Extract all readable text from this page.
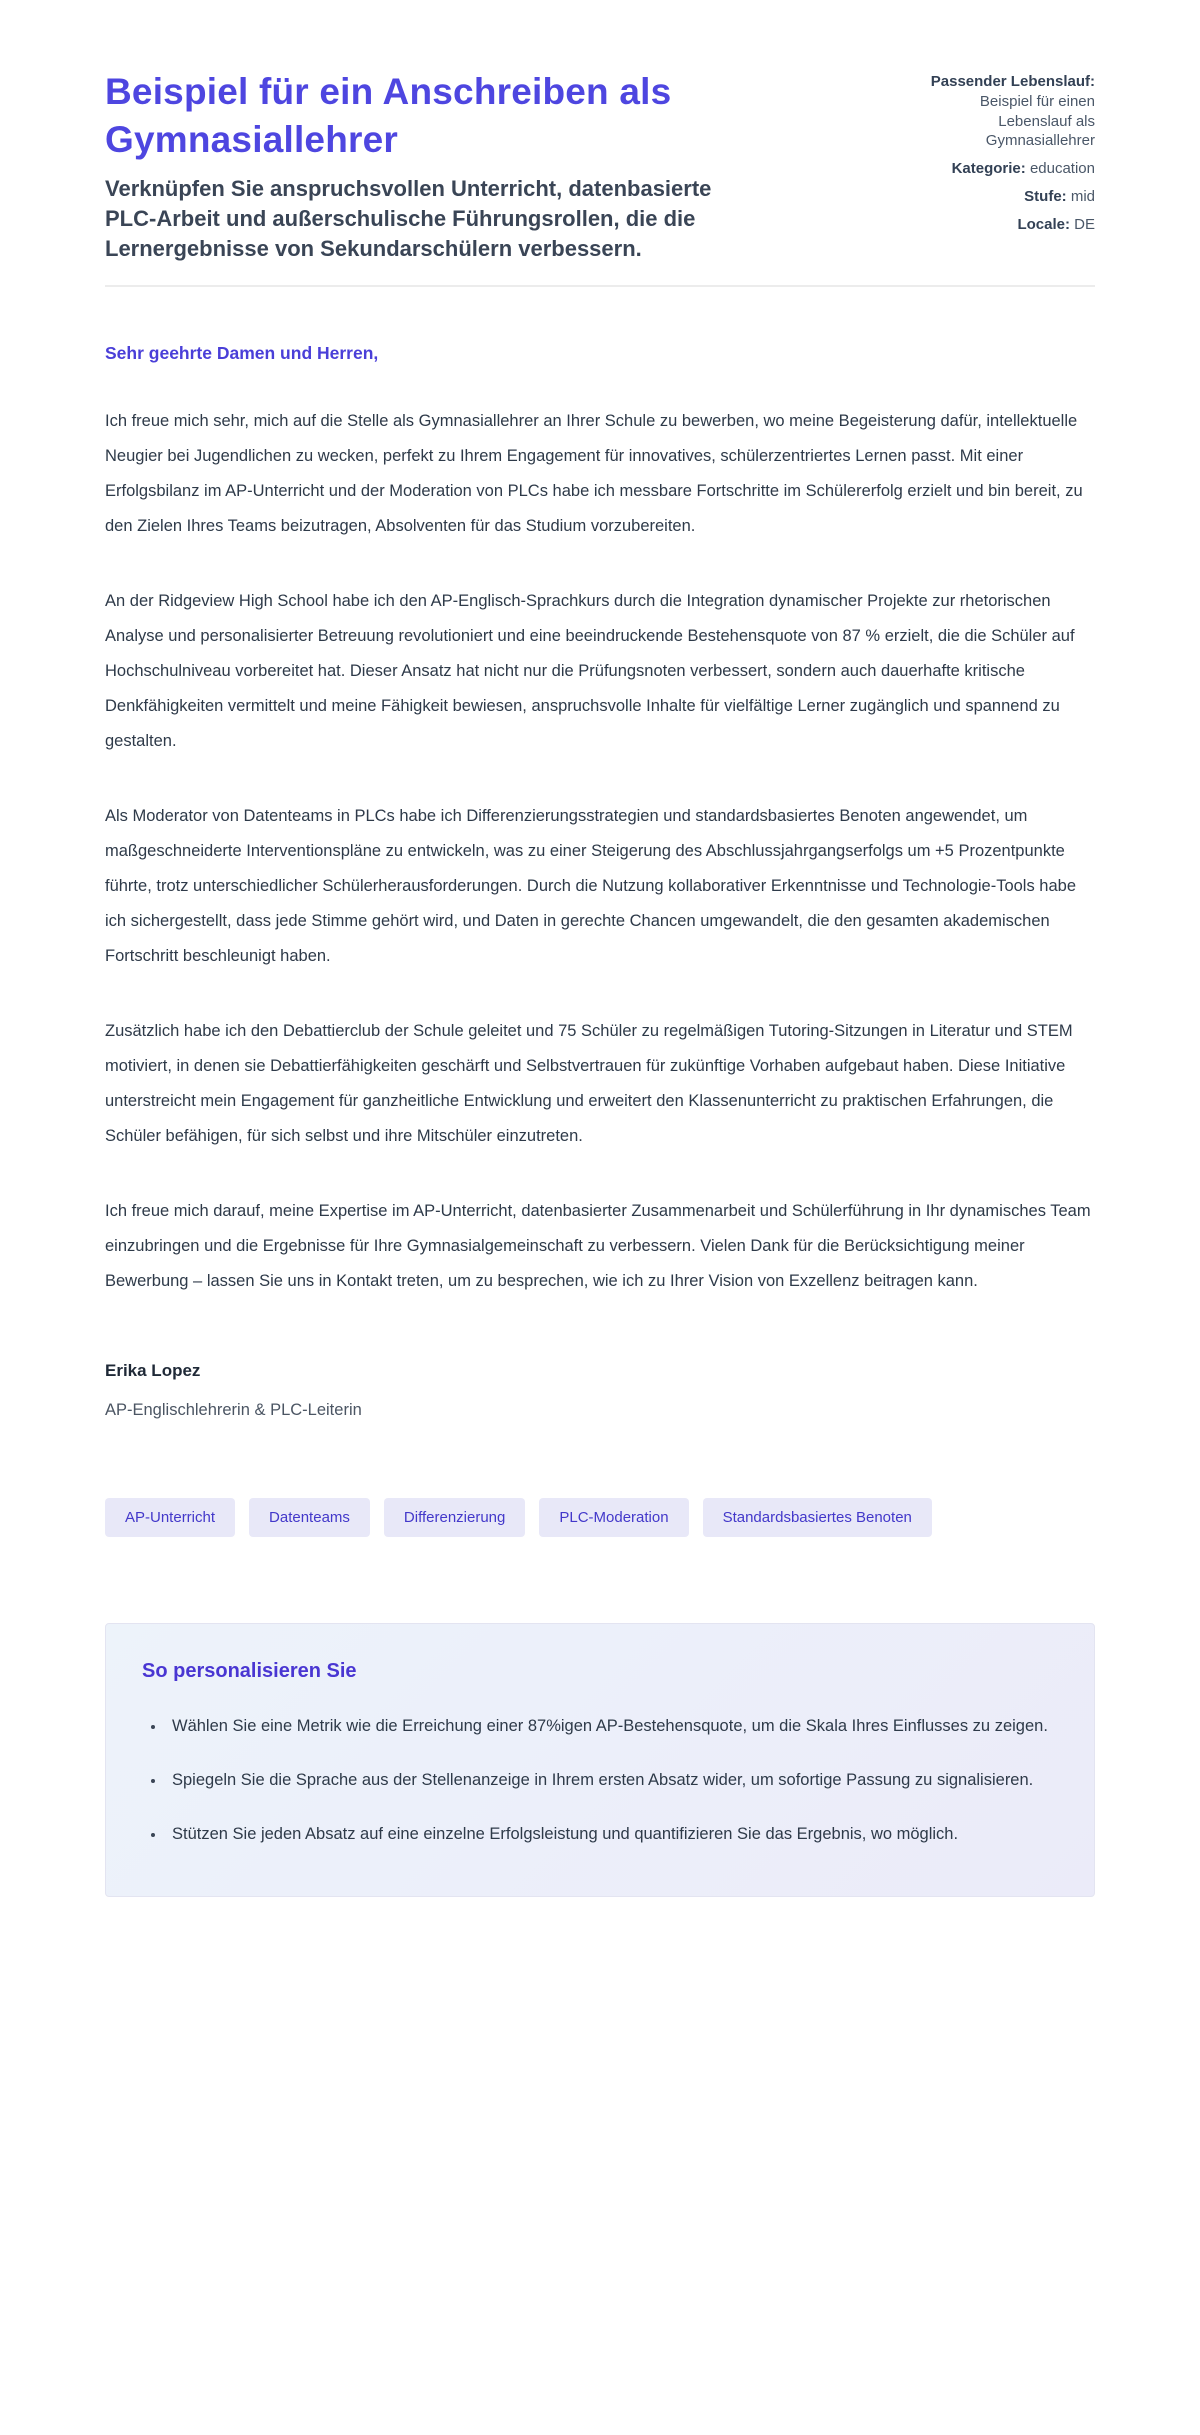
Beispiel für ein Anschreiben als Gymnasiallehrer
Verknüpfen Sie anspruchsvollen Unterricht, datenbasierte PLC-Arbeit und außerschulische Führungsrollen, die die Lernergebnisse von Sekundarschülern verbessern.
Passender Lebenslauf: Beispiel für einen Lebenslauf als Gymnasiallehrer
Kategorie: education
Stufe: mid
Locale: DE

Sehr geehrte Damen und Herren,

Ich freue mich sehr, mich auf die Stelle als Gymnasiallehrer an Ihrer Schule zu bewerben, wo meine Begeisterung dafür, intellektuelle Neugier bei Jugendlichen zu wecken, perfekt zu Ihrem Engagement für innovatives, schülerzentriertes Lernen passt. Mit einer Erfolgsbilanz im AP-Unterricht und der Moderation von PLCs habe ich messbare Fortschritte im Schülererfolg erzielt und bin bereit, zu den Zielen Ihres Teams beizutragen, Absolventen für das Studium vorzubereiten.

An der Ridgeview High School habe ich den AP-Englisch-Sprachkurs durch die Integration dynamischer Projekte zur rhetorischen Analyse und personalisierter Betreuung revolutioniert und eine beeindruckende Bestehensquote von 87 % erzielt, die die Schüler auf Hochschulniveau vorbereitet hat. Dieser Ansatz hat nicht nur die Prüfungsnoten verbessert, sondern auch dauerhafte kritische Denkfähigkeiten vermittelt und meine Fähigkeit bewiesen, anspruchsvolle Inhalte für vielfältige Lerner zugänglich und spannend zu gestalten.

Als Moderator von Datenteams in PLCs habe ich Differenzierungsstrategien und standardsbasiertes Benoten angewendet, um maßgeschneiderte Interventionspläne zu entwickeln, was zu einer Steigerung des Abschlussjahrgangserfolgs um +5 Prozentpunkte führte, trotz unterschiedlicher Schülerherausforderungen. Durch die Nutzung kollaborativer Erkenntnisse und Technologie-Tools habe ich sichergestellt, dass jede Stimme gehört wird, und Daten in gerechte Chancen umgewandelt, die den gesamten akademischen Fortschritt beschleunigt haben.

Zusätzlich habe ich den Debattierclub der Schule geleitet und 75 Schüler zu regelmäßigen Tutoring-Sitzungen in Literatur und STEM motiviert, in denen sie Debattierfähigkeiten geschärft und Selbstvertrauen für zukünftige Vorhaben aufgebaut haben. Diese Initiative unterstreicht mein Engagement für ganzheitliche Entwicklung und erweitert den Klassenunterricht zu praktischen Erfahrungen, die Schüler befähigen, für sich selbst und ihre Mitschüler einzutreten.

Ich freue mich darauf, meine Expertise im AP-Unterricht, datenbasierter Zusammenarbeit und Schülerführung in Ihr dynamisches Team einzubringen und die Ergebnisse für Ihre Gymnasialgemeinschaft zu verbessern. Vielen Dank für die Berücksichtigung meiner Bewerbung – lassen Sie uns in Kontakt treten, um zu besprechen, wie ich zu Ihrer Vision von Exzellenz beitragen kann.

Erika Lopez

AP-Englischlehrerin & PLC-Leiterin

AP-Unterricht	Datenteams	Differenzierung	PLC-Moderation	Standardsbasiertes Benoten
So personalisieren Sie
• Wählen Sie eine Metrik wie die Erreichung einer 87%igen AP-Bestehensquote, um die Skala Ihres Einflusses zu zeigen.
• Spiegeln Sie die Sprache aus der Stellenanzeige in Ihrem ersten Absatz wider, um sofortige Passung zu signalisieren.
• Stützen Sie jeden Absatz auf eine einzelne Erfolgsleistung und quantifizieren Sie das Ergebnis, wo möglich.
